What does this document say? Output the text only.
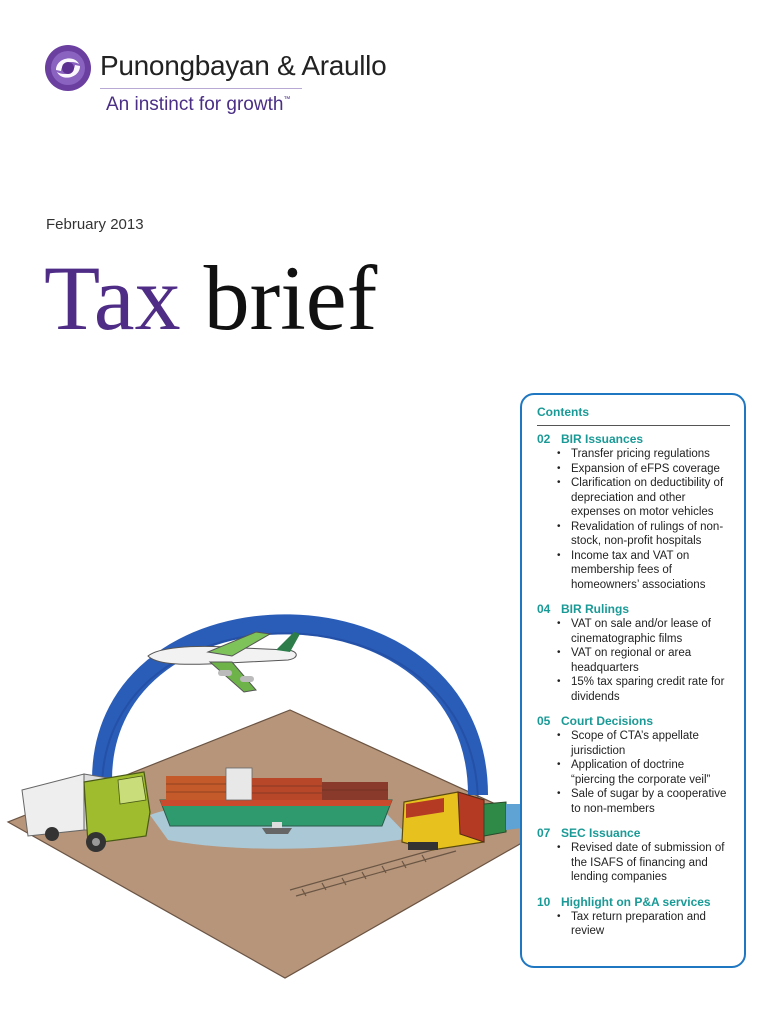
Punongbayan & Araullo
An instinct for growth™
February 2013
Tax brief
Contents
02 BIR Issuances
• Transfer pricing regulations
• Expansion of eFPS coverage
• Clarification on deductibility of depreciation and other expenses on motor vehicles
• Revalidation of rulings of non-stock, non-profit hospitals
• Income tax and VAT on membership fees of homeowners’ associations
04 BIR Rulings
• VAT on sale and/or lease of cinematographic films
• VAT on regional or area headquarters
• 15% tax sparing credit rate for dividends
05 Court Decisions
• Scope of CTA’s appellate jurisdiction
• Application of doctrine “piercing the corporate veil”
• Sale of sugar by a cooperative to non-members
07 SEC Issuance
• Revised date of submission of the ISAFS of financing and lending companies
10 Highlight on P&A services
• Tax return preparation and review
